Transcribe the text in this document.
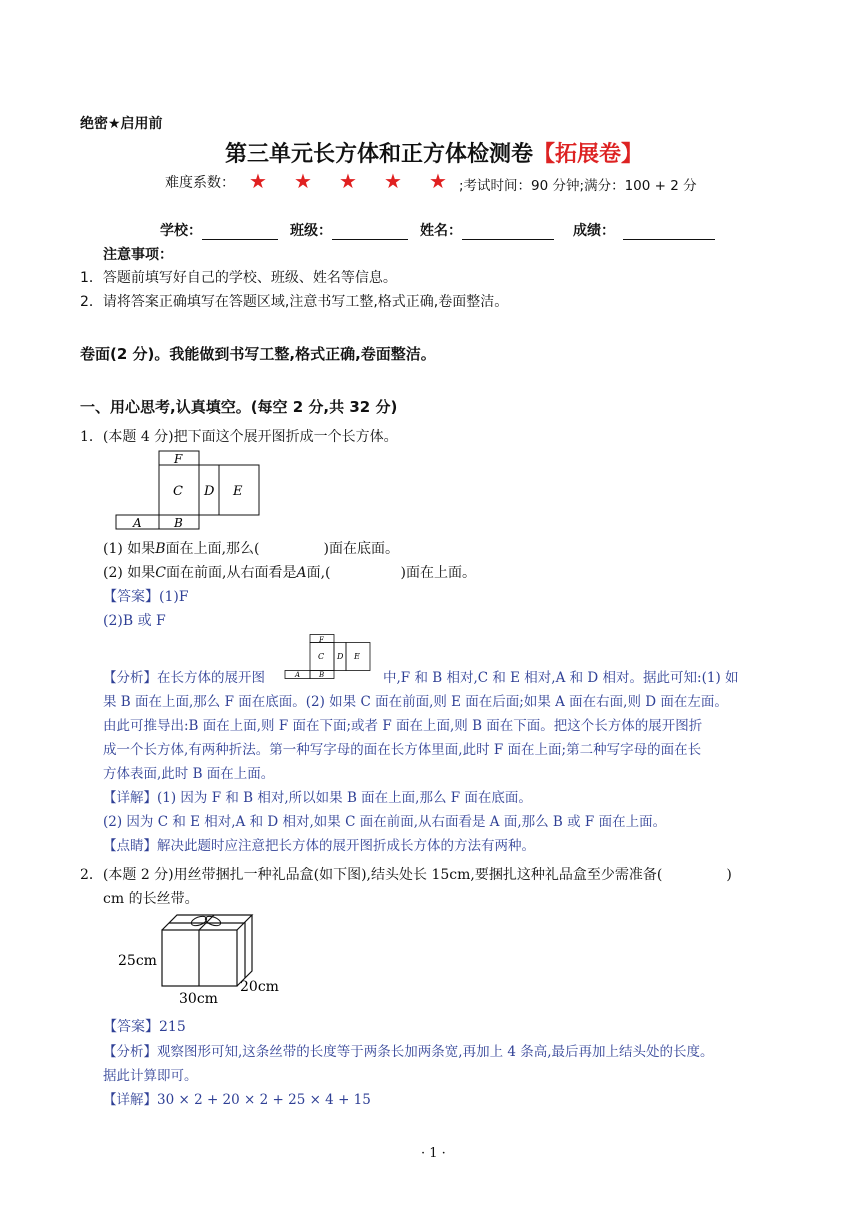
绝密★启用前
第三单元长方体和正方体检测卷【拓展卷】
难度系数： ★ ★ ★ ★ ★ ;考试时间：90 分钟;满分：100 + 2 分
学校：	班级：	姓名：	成绩：
注意事项：
1．答题前填写好自己的学校、班级、姓名等信息。
2．请将答案正确填写在答题区域,注意书写工整,格式正确,卷面整洁。
卷面(2 分)。我能做到书写工整,格式正确,卷面整洁。
一、用心思考,认真填空。(每空 2 分,共 32 分)
1．(本题 4 分)把下面这个展开图折成一个长方体。
F
C D E
A	B
(1) 如果B面在上面,那么(	)面在底面。
(2) 如果C面在前面,从右面看是A面,(	)面在上面。
【答案】(1)F
(2)B 或 F
【分析】在长方体的展开图
F
C D E
A	B	中,F 和 B 相对,C 和 E 相对,A 和 D 相对。据此可知:(1) 如
果 B 面在上面,那么 F 面在底面。(2) 如果 C 面在前面,则 E 面在后面;如果 A 面在右面,则 D 面在左面。
由此可推导出:B 面在上面,则 F 面在下面;或者 F 面在上面,则 B 面在下面。把这个长方体的展开图折
成一个长方体,有两种折法。第一种写字母的面在长方体里面,此时 F 面在上面;第二种写字母的面在长
方体表面,此时 B 面在上面。
【详解】(1) 因为 F 和 B 相对,所以如果 B 面在上面,那么 F 面在底面。
(2) 因为 C 和 E 相对,A 和 D 相对,如果 C 面在前面,从右面看是 A 面,那么 B 或 F 面在上面。
【点睛】解决此题时应注意把长方体的展开图折成长方体的方法有两种。
2．(本题 2 分)用丝带捆扎一种礼品盒(如下图),结头处长 15cm,要捆扎这种礼品盒至少需准备(	)
cm 的长丝带。
25cm
30cm
20cm
【答案】215
【分析】观察图形可知,这条丝带的长度等于两条长加两条宽,再加上 4 条高,最后再加上结头处的长度。
据此计算即可。
【详解】30 × 2 + 20 × 2 + 25 × 4 + 15
· 1 ·
